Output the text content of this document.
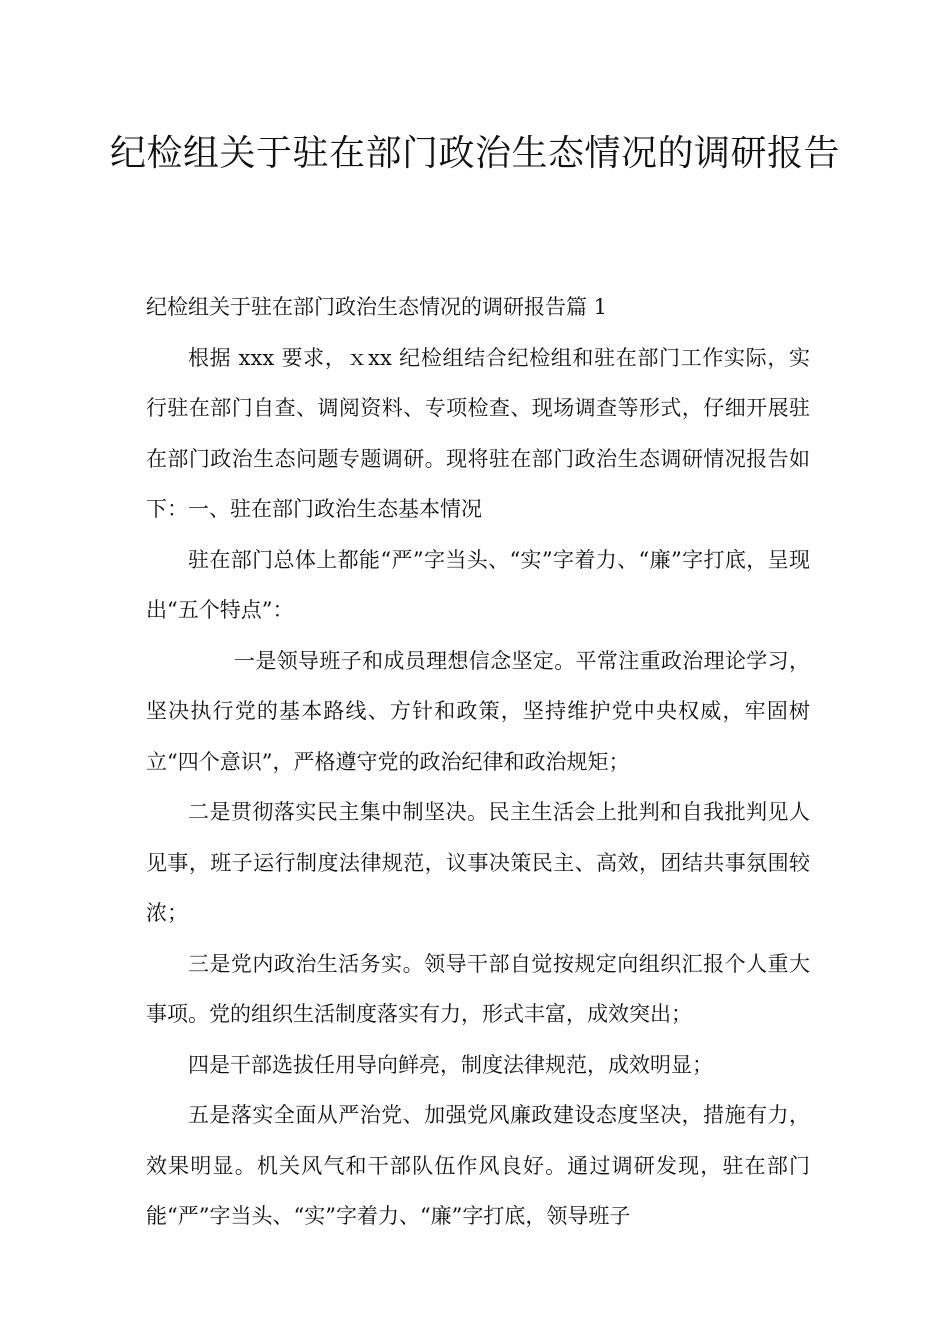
纪检组关于驻在部门政治生态情况的调研报告

纪检组关于驻在部门政治生态情况的调研报告篇 1

根据 xxx 要求，ｘxx 纪检组结合纪检组和驻在部门工作实际，实行驻在部门自查、调阅资料、专项检查、现场调查等形式，仔细开展驻在部门政治生态问题专题调研。现将驻在部门政治生态调研情况报告如下：一、驻在部门政治生态基本情况

驻在部门总体上都能“严”字当头、“实”字着力、“廉”字打底，呈现出“五个特点”：

一是领导班子和成员理想信念坚定。平常注重政治理论学习，坚决执行党的基本路线、方针和政策，坚持维护党中央权威，牢固树立“四个意识”，严格遵守党的政治纪律和政治规矩；

二是贯彻落实民主集中制坚决。民主生活会上批判和自我批判见人见事，班子运行制度法律规范，议事决策民主、高效，团结共事氛围较浓；

三是党内政治生活务实。领导干部自觉按规定向组织汇报个人重大事项。党的组织生活制度落实有力，形式丰富，成效突出；

四是干部选拔任用导向鲜亮，制度法律规范，成效明显；

五是落实全面从严治党、加强党风廉政建设态度坚决，措施有力，效果明显。机关风气和干部队伍作风良好。通过调研发现，驻在部门能“严”字当头、“实”字着力、“廉”字打底，领导班子
